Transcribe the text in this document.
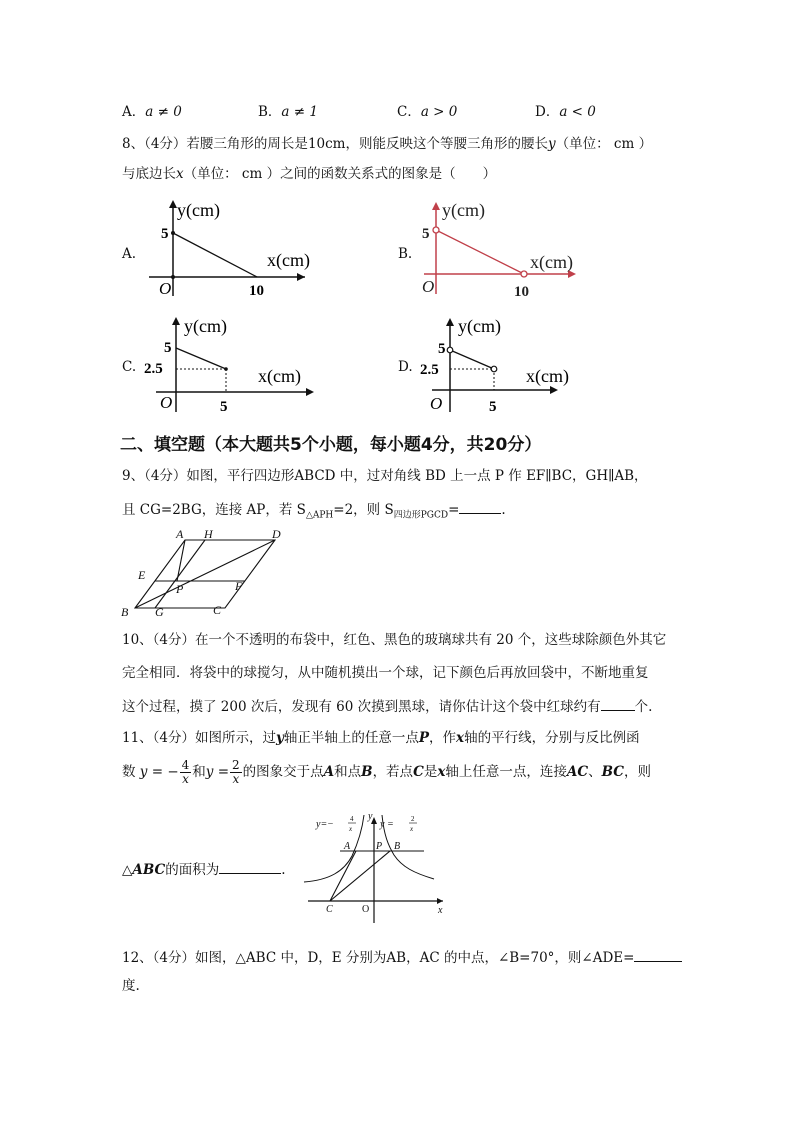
A．a ≠ 0	B．a ≠ 1	C．a > 0	D．a < 0
8、（4分）若腰三角形的周长是10cm，则能反映这个等腰三角形的腰长y（单位： cm ）
与底边长x（单位： cm ）之间的函数关系式的图象是（　　）
A.	B.
C.	D.
y(cm)
x(cm)
5
O	10
y(cm)
x(cm)
5
O	10
y(cm)
x(cm)
5
2.5
O	5
y(cm)
x(cm)
5
2.5
O	5
二、填空题（本大题共5个小题，每小题4分，共20分）
9、（4分）如图，平行四边形ABCD 中，过对角线 BD 上一点 P 作 EF∥BC，GH∥AB，
且 CG=2BG，连接 AP，若 $S_{\triangle APH}=2$，则 $S_{四边形PGCD}=$	.
A H	D
E
F
P
B G	C
10、（4分）在一个不透明的布袋中，红色、黑色的玻璃球共有 20 个，这些球除颜色外其它
完全相同．将袋中的球搅匀，从中随机摸出一个球，记下颜色后再放回袋中，不断地重复
这个过程，摸了 200 次后，发现有 60 次摸到黑球，请你估计这个袋中红球约有	个.
11、（4分）如图所示，过y轴正半轴上的任意一点P，作x轴的平行线，分别与反比例函
数 y = − $\frac{4}{x}$ 和$y = \frac{2}{x}$ 的图象交于点A和点B，若点C是x轴上任意一点，连接AC、BC，则
△ABC的面积为	.
y=− 4
x	y = 2
x
y
A	P B
C	O	x
12、（4分）如图，△ABC 中，D，E 分别为AB，AC 的中点，∠B=70°，则∠ADE=
度.
